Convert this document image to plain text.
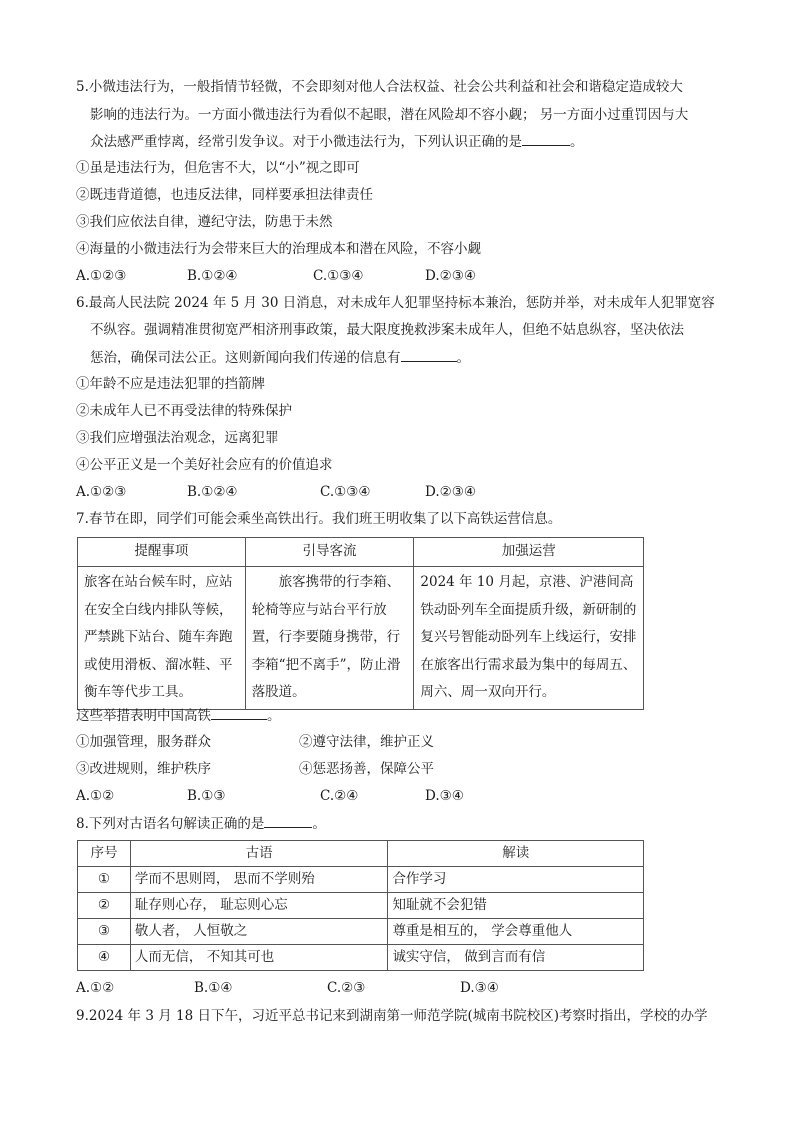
5.小微违法行为，一般指情节轻微，不会即刻对他人合法权益、社会公共利益和社会和谐稳定造成较大
影响的违法行为。一方面小微违法行为看似不起眼，潜在风险却不容小觑； 另一方面小过重罚因与大
众法感严重悖离，经常引发争议。对于小微违法行为，下列认识正确的是	。
①虽是违法行为，但危害不大，以“小”视之即可
②既违背道德，也违反法律，同样要承担法律责任
③我们应依法自律，遵纪守法，防患于未然
④海量的小微违法行为会带来巨大的治理成本和潜在风险，不容小觑
A.①②③	B.①②④	C.①③④	D.②③④
6.最高人民法院 2024 年 5 月 30 日消息，对未成年人犯罪坚持标本兼治，惩防并举，对未成年人犯罪宽容
不纵容。强调精准贯彻宽严相济刑事政策，最大限度挽救涉案未成年人，但绝不姑息纵容，坚决依法
惩治，确保司法公正。这则新闻向我们传递的信息有	。
①年龄不应是违法犯罪的挡箭牌
②未成年人已不再受法律的特殊保护
③我们应增强法治观念，远离犯罪
④公平正义是一个美好社会应有的价值追求
A.①②③	B.①②④	C.①③④	D.②③④
7.春节在即，同学们可能会乘坐高铁出行。我们班王明收集了以下高铁运营信息。
提醒事项	引导客流	加强运营
旅客在站台候车时，应站在安全白线内排队等候，严禁跳下站台、随车奔跑或使用滑板、溜冰鞋、平衡车等代步工具。	旅客携带的行李箱、轮椅等应与站台平行放置，行李要随身携带，行李箱“把不离手”，防止滑落股道。	2024 年 10 月起，京港、沪港间高铁动卧列车全面提质升级，新研制的复兴号智能动卧列车上线运行，安排在旅客出行需求最为集中的每周五、周六、周一双向开行。
这些举措表明中国高铁	。
①加强管理，服务群众	②遵守法律，维护正义
③改进规则，维护秩序	④惩恶扬善，保障公平
A.①②	B.①③	C.②④	D.③④
8.下列对古语名句解读正确的是	。
序号	古语	解读
①	学而不思则罔， 思而不学则殆	合作学习
②	耻存则心存， 耻忘则心忘	知耻就不会犯错
③	敬人者， 人恒敬之	尊重是相互的， 学会尊重他人
④	人而无信， 不知其可也	诚实守信， 做到言而有信
A.①②	B.①④	C.②③	D.③④
9.2024 年 3 月 18 日下午，习近平总书记来到湖南第一师范学院(城南书院校区)考察时指出，学校的办学
